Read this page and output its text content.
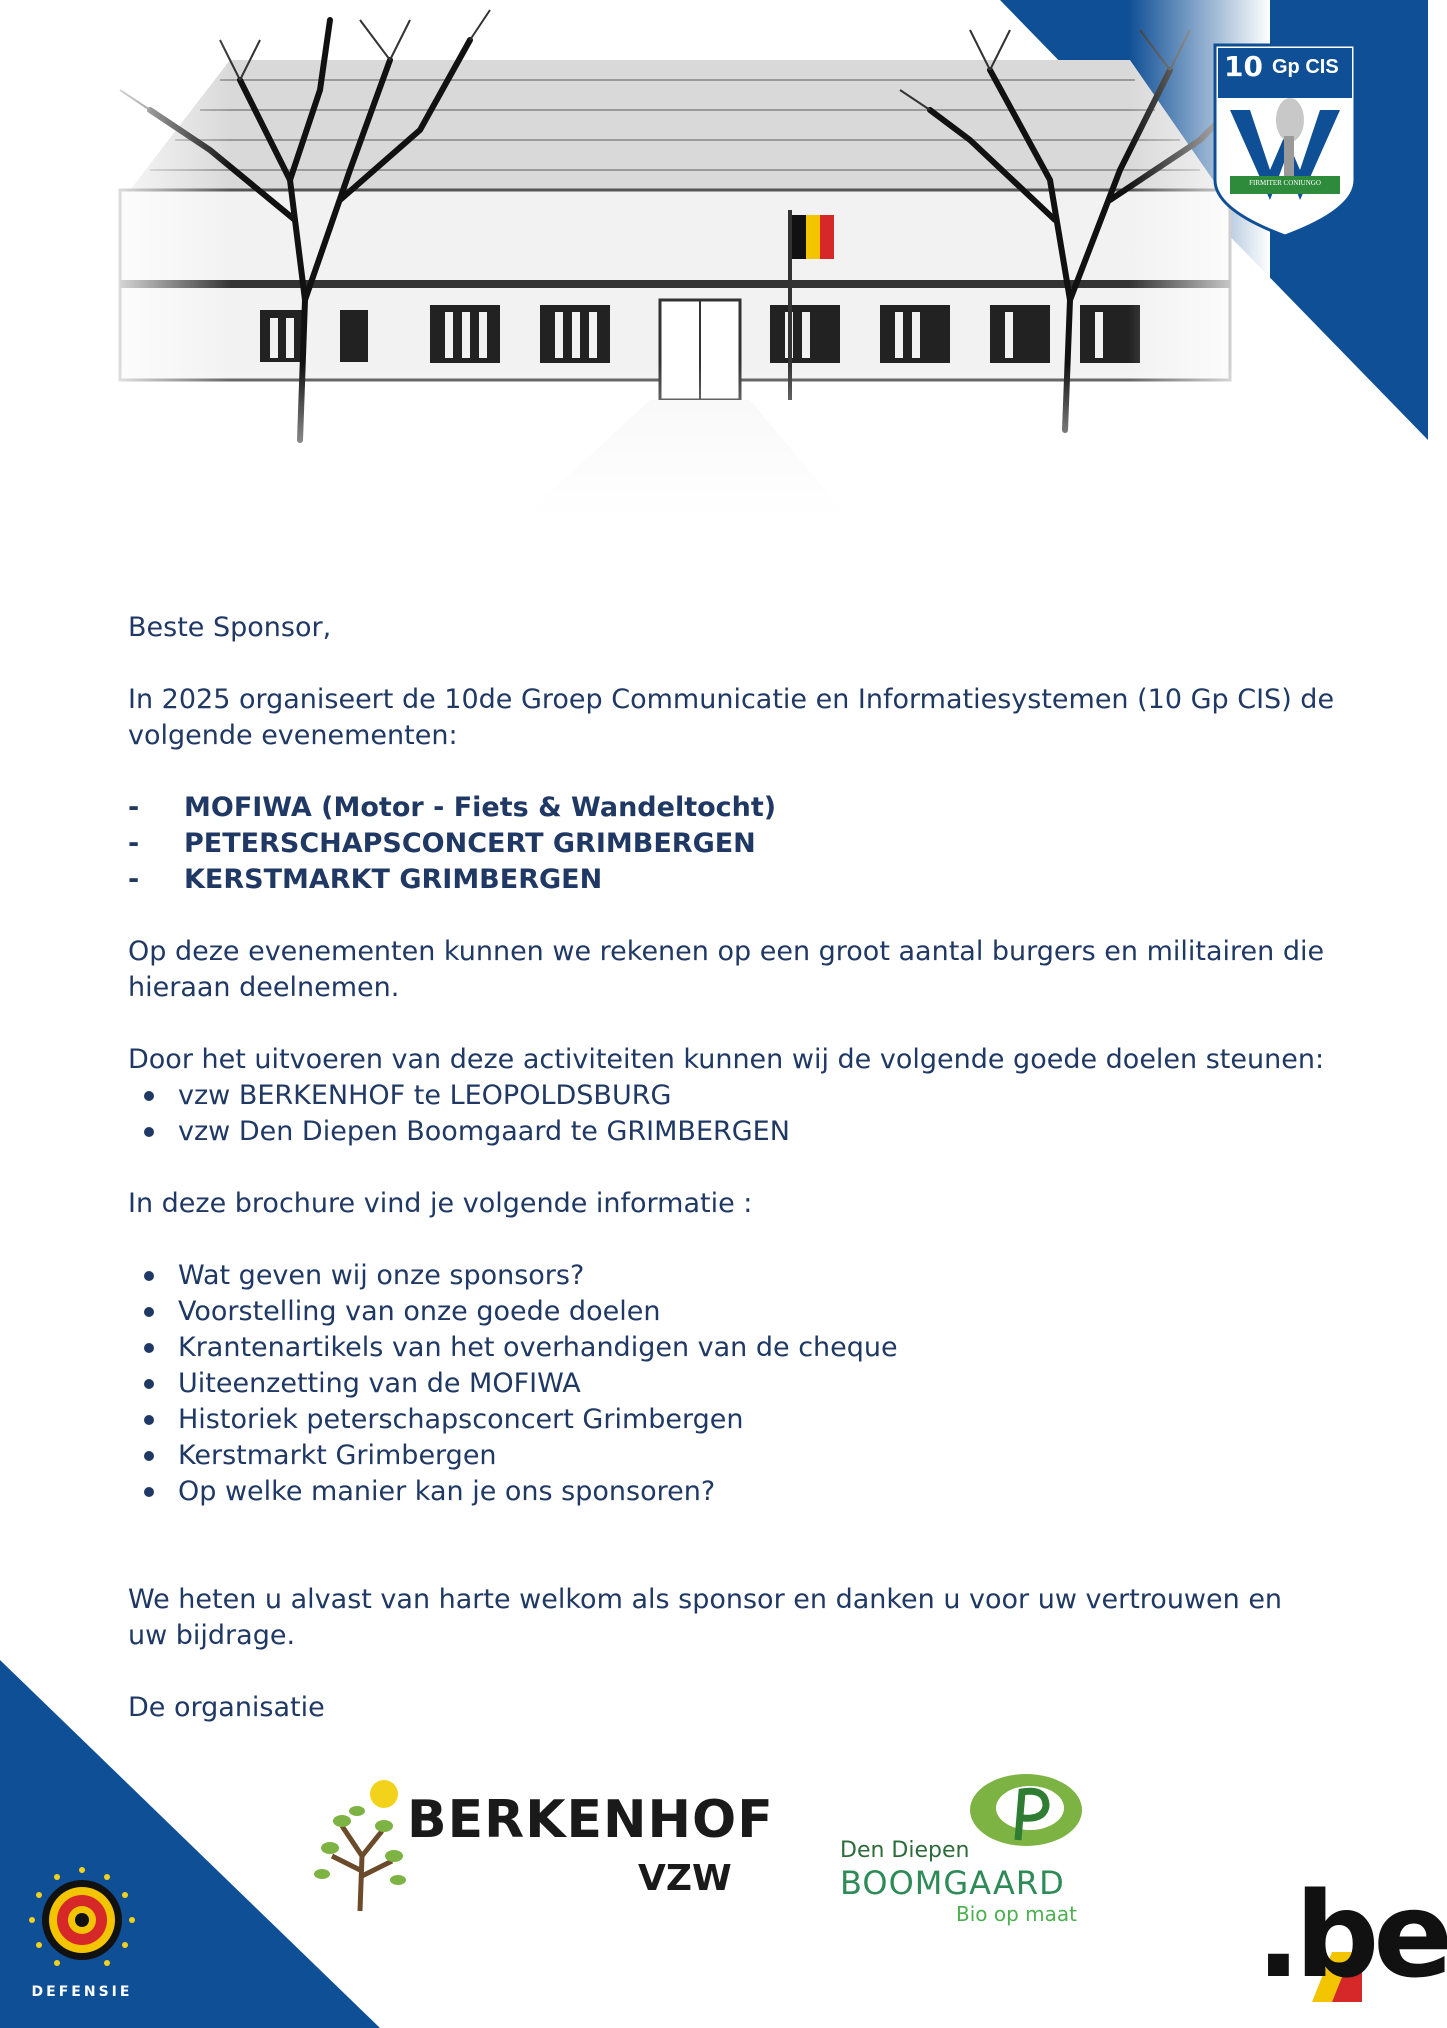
10 Gp CIS
FIRMITER CONIUNGO

Beste Sponsor,

In 2025 organiseert de 10de Groep Communicatie en Informatiesystemen (10 Gp CIS) de volgende evenementen:

-	MOFIWA (Motor - Fiets & Wandeltocht)
-	PETERSCHAPSCONCERT GRIMBERGEN
-	KERSTMARKT GRIMBERGEN

Op deze evenementen kunnen we rekenen op een groot aantal burgers en militairen die hieraan deelnemen.

Door het uitvoeren van deze activiteiten kunnen wij de volgende goede doelen steunen:

vzw BERKENHOF te LEOPOLDSBURG
vzw Den Diepen Boomgaard te GRIMBERGEN

In deze brochure vind je volgende informatie :

Wat geven wij onze sponsors?
Voorstelling van onze goede doelen
Krantenartikels van het overhandigen van de cheque
Uiteenzetting van de MOFIWA
Historiek peterschapsconcert Grimbergen
Kerstmarkt Grimbergen
Op welke manier kan je ons sponsoren?

We heten u alvast van harte welkom als sponsor en danken u voor uw vertrouwen en uw bijdrage.

De organisatie

BERKENHOF
VZW
Den Diepen
BOOMGAARD
Bio op maat
DEFENSIE	.be
